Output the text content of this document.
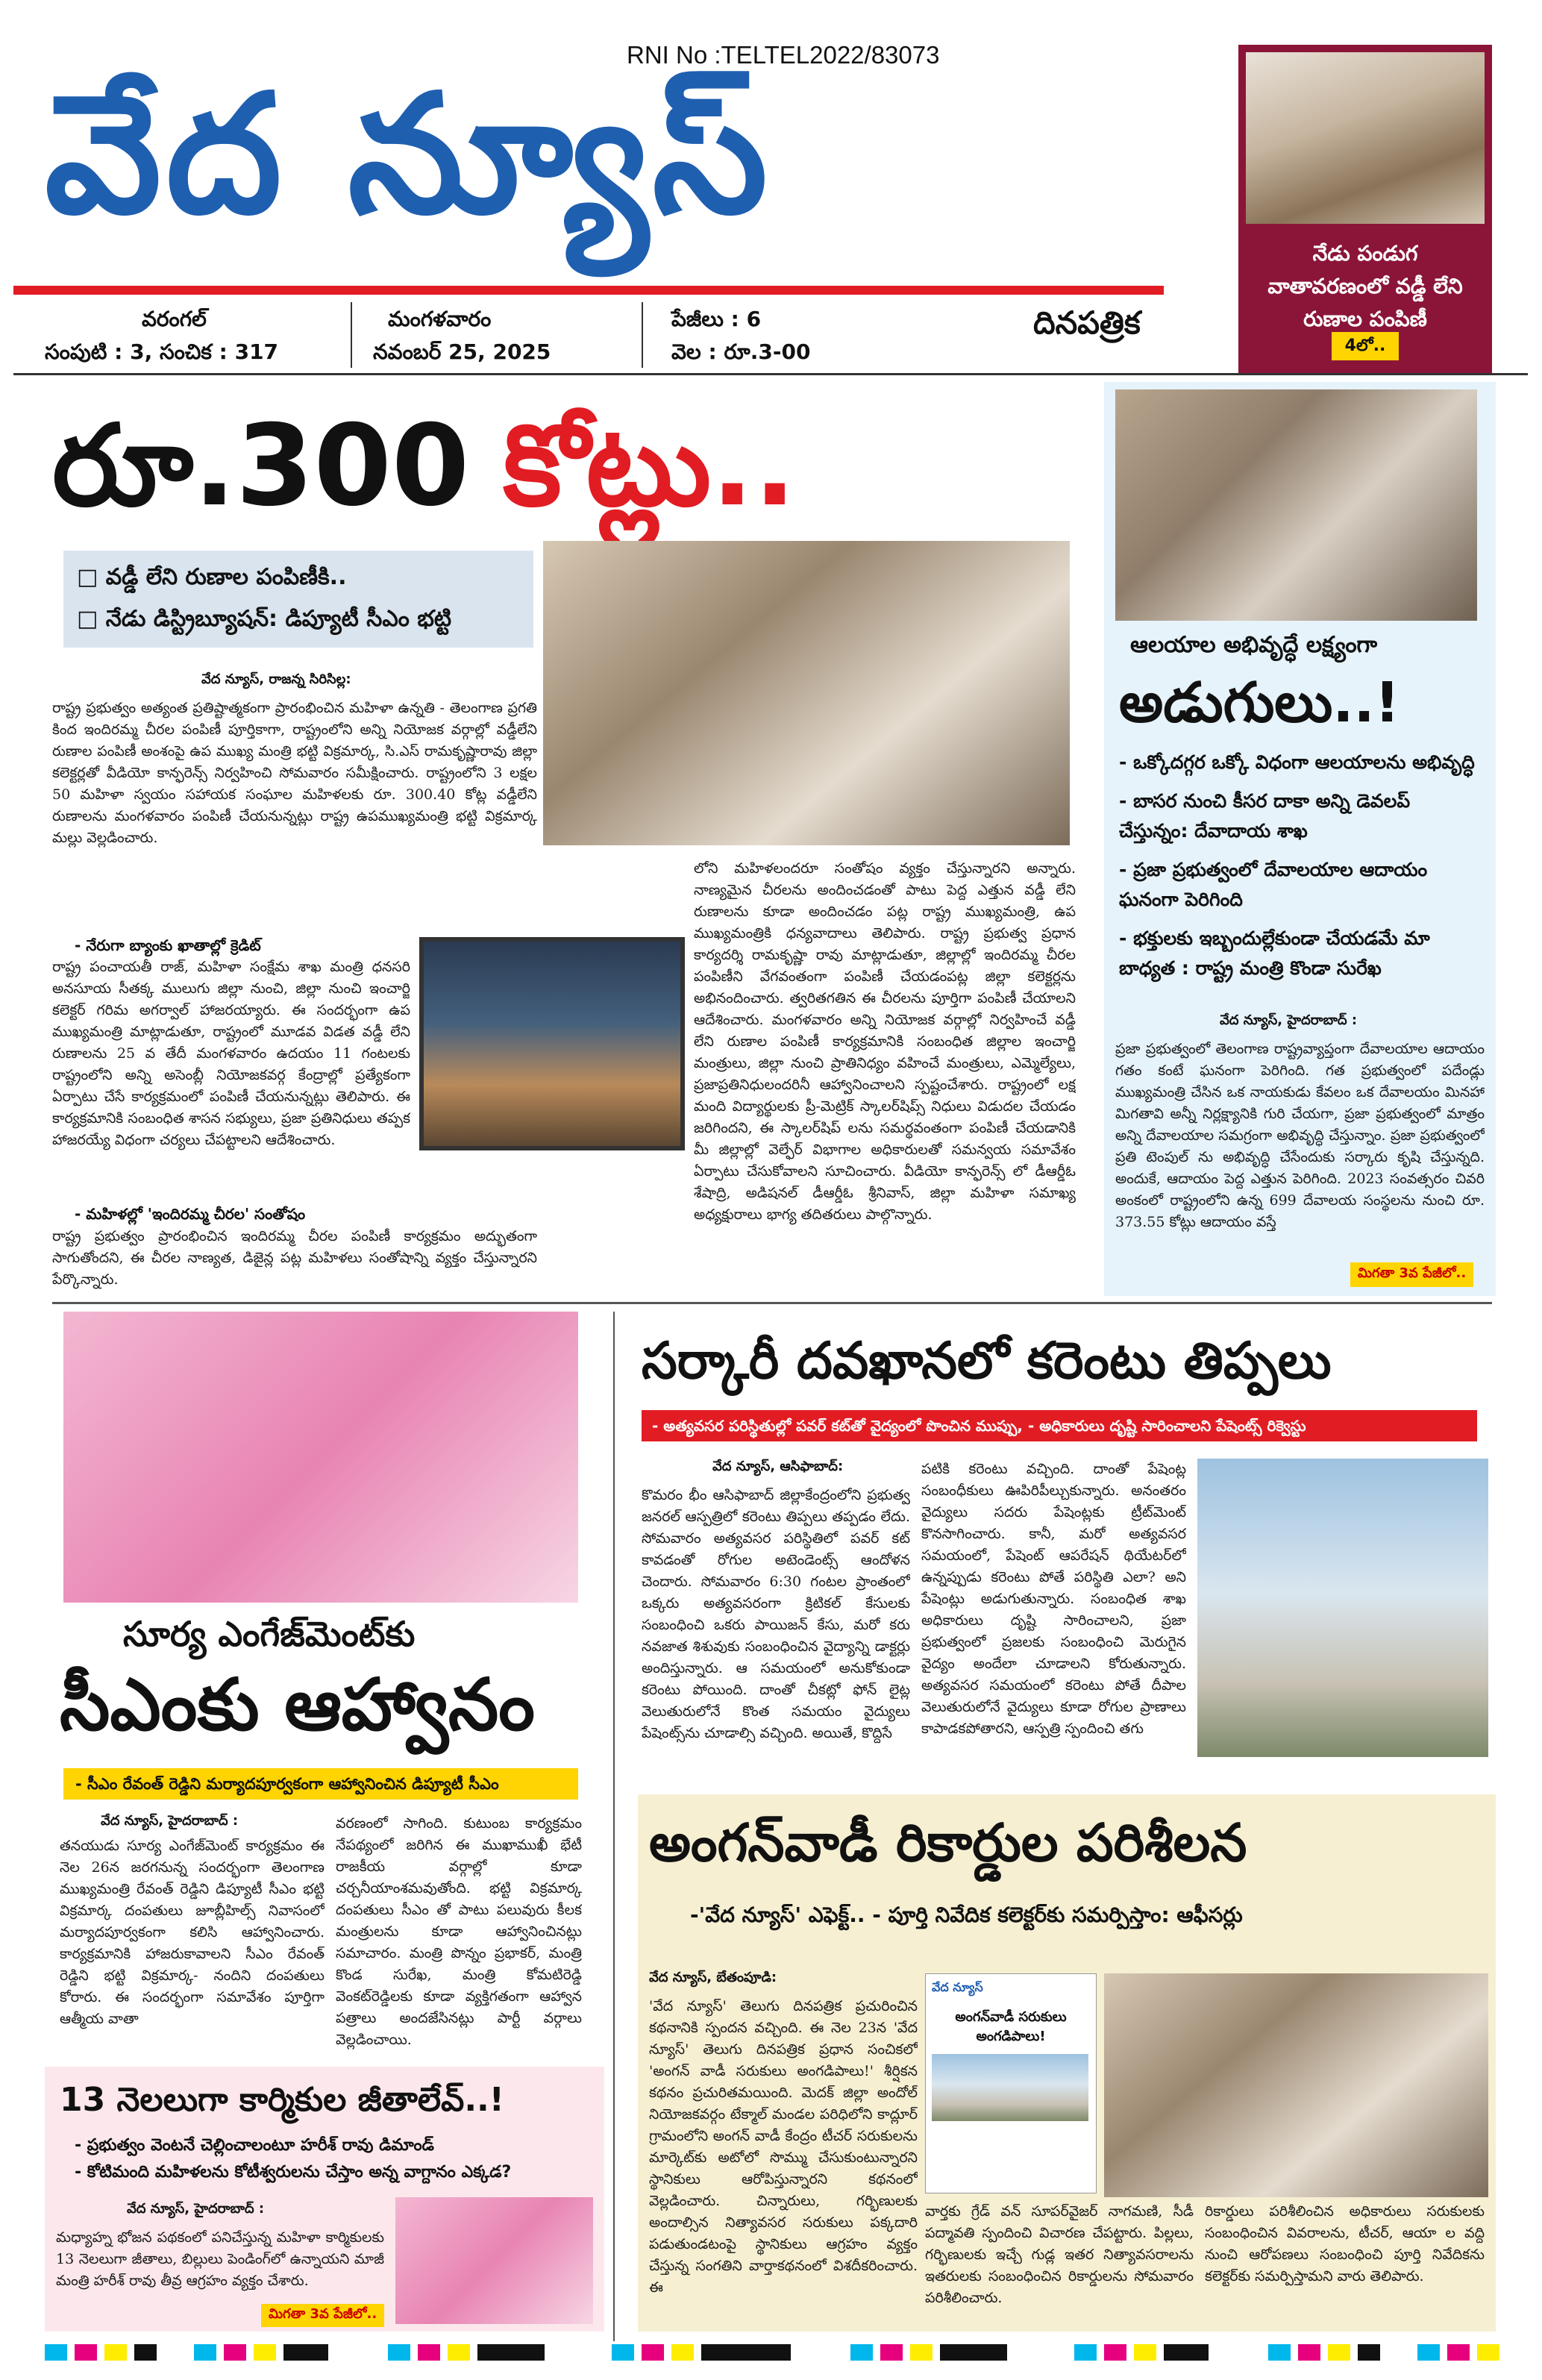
RNI No :TELTEL2022/83073
వేద న్యూస్
దినపత్రిక
వరంగల్
సంపుటి : 3, సంచిక : 317
మంగళవారం
నవంబర్ 25, 2025
పేజీలు : 6
వెల : రూ.3-00
నేడు పండుగ వాతావరణంలో వడ్డీ లేని రుణాల పంపిణీ
4లో..
రూ.300 కోట్లు..
□ వడ్డీ లేని రుణాల పంపిణీకి..
□ నేడు డిస్ట్రిబ్యూషన్: డిప్యూటీ సీఎం భట్టి
వేద న్యూస్, రాజన్న సిరిసిల్ల:
రాష్ట్ర ప్రభుత్వం అత్యంత ప్రతిష్టాత్మకంగా ప్రారంభించిన మహిళా ఉన్నతి - తెలంగాణ ప్రగతి కింద ఇందిరమ్మ చీరల పంపిణీ పూర్తికాగా, రాష్ట్రంలోని అన్ని నియోజక వర్గాల్లో వడ్డీలేని రుణాల పంపిణీ అంశంపై ఉప ముఖ్య మంత్రి భట్టి విక్రమార్క, సి.ఎస్ రామకృష్ణారావు జిల్లా కలెక్టర్లతో వీడియో కాన్ఫరెన్స్ నిర్వహించి సోమవారం సమీక్షించారు. రాష్ట్రంలోని 3 లక్షల 50 మహిళా స్వయం సహాయక సంఘాల మహిళలకు రూ. 300.40 కోట్ల వడ్డీలేని రుణాలను మంగళవారం పంపిణీ చేయనున్నట్లు రాష్ట్ర ఉపముఖ్యమంత్రి భట్టి విక్రమార్క మల్లు వెల్లడించారు.
- నేరుగా బ్యాంకు ఖాతాల్లో క్రెడిట్
రాష్ట్ర పంచాయతీ రాజ్, మహిళా సంక్షేమ శాఖ మంత్రి ధనసరి అనసూయ సీతక్క ములుగు జిల్లా నుంచి, జిల్లా నుంచి ఇంచార్జి కలెక్టర్ గరిమ అగర్వాల్ హాజరయ్యారు. ఈ సందర్భంగా ఉప ముఖ్యమంత్రి మాట్లాడుతూ, రాష్ట్రంలో మూడవ విడత వడ్డీ లేని రుణాలను 25 వ తేదీ మంగళవారం ఉదయం 11 గంటలకు రాష్ట్రంలోని అన్ని అసెంబ్లీ నియోజకవర్గ కేంద్రాల్లో ప్రత్యేకంగా ఏర్పాటు చేసే కార్యక్రమంలో పంపిణీ చేయనున్నట్లు తెలిపారు. ఈ కార్యక్రమానికి సంబంధిత శాసన సభ్యులు, ప్రజా ప్రతినిధులు తప్పక హాజరయ్యే విధంగా చర్యలు చేపట్టాలని ఆదేశించారు.
- మహిళల్లో 'ఇందిరమ్మ చీరల' సంతోషం
రాష్ట్ర ప్రభుత్వం ప్రారంభించిన ఇందిరమ్మ చీరల పంపిణీ కార్యక్రమం అద్భుతంగా సాగుతోందని, ఈ చీరల నాణ్యత, డిజైన్ల పట్ల మహిళలు సంతోషాన్ని వ్యక్తం చేస్తున్నారని పేర్కొన్నారు.
లోని మహిళలందరూ సంతోషం వ్యక్తం చేస్తున్నారని అన్నారు. నాణ్యమైన చీరలను అందించడంతో పాటు పెద్ద ఎత్తున వడ్డీ లేని రుణాలను కూడా అందించడం పట్ల రాష్ట్ర ముఖ్యమంత్రి, ఉప ముఖ్యమంత్రికి ధన్యవాదాలు తెలిపారు. రాష్ట్ర ప్రభుత్వ ప్రధాన కార్యదర్శి రామకృష్ణా రావు మాట్లాడుతూ, జిల్లాల్లో ఇందిరమ్మ చీరల పంపిణీని వేగవంతంగా పంపిణీ చేయడంపట్ల జిల్లా కలెక్టర్లను అభినందించారు. త్వరితగతిన ఈ చీరలను పూర్తిగా పంపిణీ చేయాలని ఆదేశించారు. మంగళవారం అన్ని నియోజక వర్గాల్లో నిర్వహించే వడ్డీ లేని రుణాల పంపిణీ కార్యక్రమానికి సంబంధిత జిల్లాల ఇంచార్జి మంత్రులు, జిల్లా నుంచి ప్రాతినిధ్యం వహించే మంత్రులు, ఎమ్మెల్యేలు, ప్రజాప్రతినిధులందరినీ ఆహ్వానించాలని స్పష్టంచేశారు. రాష్ట్రంలో లక్ష మంది విద్యార్థులకు ప్రీ-మెట్రిక్ స్కాలర్‌షిప్స్ నిధులు విడుదల చేయడం జరిగిందని, ఈ స్కాలర్‌షిప్ లను సమర్థవంతంగా పంపిణీ చేయడానికి మీ జిల్లాల్లో వెల్ఫేర్ విభాగాల అధికారులతో సమన్వయ సమావేశం ఏర్పాటు చేసుకోవాలని సూచించారు. వీడియో కాన్ఫరెన్స్ లో డీఆర్డీఓ శేషాద్రి, అడిషనల్ డీఆర్డీఓ శ్రీనివాస్, జిల్లా మహిళా సమాఖ్య అధ్యక్షురాలు భాగ్య తదితరులు పాల్గొన్నారు.
ఆలయాల అభివృద్ధే లక్ష్యంగా
అడుగులు..!
- ఒక్కోదగ్గర ఒక్కో విధంగా ఆలయాలను అభివృద్ధి
- బాసర నుంచి కీసర దాకా అన్ని డెవలప్ చేస్తున్నం: దేవాదాయ శాఖ
- ప్రజా ప్రభుత్వంలో దేవాలయాల ఆదాయం ఘనంగా పెరిగింది
- భక్తులకు ఇబ్బందుల్లేకుండా చేయడమే మా బాధ్యత : రాష్ట్ర మంత్రి కొండా సురేఖ
వేద న్యూస్, హైదరాబాద్ :
ప్రజా ప్రభుత్వంలో తెలంగాణ రాష్ట్రవ్యాప్తంగా దేవాలయాల ఆదాయం గతం కంటే ఘనంగా పెరిగింది. గత ప్రభుత్వంలో పదేండ్లు ముఖ్యమంత్రి చేసిన ఒక నాయకుడు కేవలం ఒక దేవాలయం మినహా మిగతావి అన్నీ నిర్లక్ష్యానికి గురి చేయగా, ప్రజా ప్రభుత్వంలో మాత్రం అన్ని దేవాలయాల సమగ్రంగా అభివృద్ధి చేస్తున్నాం. ప్రజా ప్రభుత్వంలో ప్రతి టెంపుల్ ను అభివృద్ధి చేసేందుకు సర్కారు కృషి చేస్తున్నది. అందుకే, ఆదాయం పెద్ద ఎత్తున పెరిగింది. 2023 సంవత్సరం చివరి అంకంలో రాష్ట్రంలోని ఉన్న 699 దేవాలయ సంస్థలను నుంచి రూ. 373.55 కోట్లు ఆదాయం వస్తే
మిగతా 3వ పేజీలో..
సూర్య ఎంగేజ్‌మెంట్‌కు
సీఎంకు ఆహ్వానం
- సీఎం రేవంత్ రెడ్డిని మర్యాదపూర్వకంగా ఆహ్వానించిన డిప్యూటీ సీఎం
వేద న్యూస్, హైదరాబాద్ :
తనయుడు సూర్య ఎంగేజ్‌మెంట్ కార్యక్రమం ఈ నెల 26న జరగనున్న సందర్భంగా తెలంగాణ ముఖ్యమంత్రి రేవంత్ రెడ్డిని డిప్యూటీ సీఎం భట్టి విక్రమార్క దంపతులు జూబ్లీహిల్స్ నివాసంలో మర్యాదపూర్వకంగా కలిసి ఆహ్వానించారు. కార్యక్రమానికి హాజరుకావాలని సీఎం రేవంత్ రెడ్డిని భట్టి విక్రమార్క- నందిని దంపతులు కోరారు. ఈ సందర్భంగా సమావేశం పూర్తిగా ఆత్మీయ వాతా
వరణంలో సాగింది. కుటుంబ కార్యక్రమం నేపథ్యంలో జరిగిన ఈ ముఖాముఖీ భేటీ రాజకీయ వర్గాల్లో కూడా చర్చనీయాంశమవుతోంది. భట్టి విక్రమార్క దంపతులు సీఎం తో పాటు పలువురు కీలక మంత్రులను కూడా ఆహ్వానించినట్లు సమాచారం. మంత్రి పొన్నం ప్రభాకర్, మంత్రి కొండ సురేఖ, మంత్రి కోమటిరెడ్డి వెంకట్‌రెడ్డిలకు కూడా వ్యక్తిగతంగా ఆహ్వాన పత్రాలు అందజేసినట్లు పార్టీ వర్గాలు వెల్లడించాయి.
సర్కారీ దవఖానలో కరెంటు తిప్పలు
- అత్యవసర పరిస్థితుల్లో పవర్ కట్‌తో వైద్యంలో పొంచిన ముప్పు, - అధికారులు దృష్టి సారించాలని పేషెంట్స్ రిక్వెస్టు
వేద న్యూస్, ఆసిఫాబాద్:
కొమరం భీం ఆసిఫాబాద్ జిల్లాకేంద్రంలోని ప్రభుత్వ జనరల్ ఆస్పత్రిలో కరెంటు తిప్పలు తప్పడం లేదు. సోమవారం అత్యవసర పరిస్థితిలో పవర్ కట్ కావడంతో రోగుల అటెండెంట్స్ ఆందోళన చెందారు. సోమవారం 6:30 గంటల ప్రాంతంలో ఒక్కరు అత్యవసరంగా క్రిటికల్ కేసులకు సంబంధించి ఒకరు పాయిజన్ కేసు, మరో కరు నవజాత శిశువుకు సంబంధించిన వైద్యాన్ని డాక్టర్లు అందిస్తున్నారు. ఆ సమయంలో అనుకోకుండా కరెంటు పోయింది. దాంతో చీకట్లో ఫోన్ లైట్ల వెలుతురులోనే కొంత సమయం వైద్యులు పేషెంట్స్‌ను చూడాల్సి వచ్చింది. అయితే, కొద్దిసే
పటికి కరెంటు వచ్చింది. దాంతో పేషెంట్ల సంబంధీకులు ఊపిరిపీల్చుకున్నారు. అనంతరం వైద్యులు సదరు పేషెంట్లకు ట్రీట్‌మెంట్ కొనసాగించారు. కానీ, మరో అత్యవసర సమయంలో, పేషెంట్ ఆపరేషన్ థియేటర్‌లో ఉన్నప్పుడు కరెంటు పోతే పరిస్థితి ఎలా? అని పేషెంట్లు అడుగుతున్నారు. సంబంధిత శాఖ అధికారులు దృష్టి సారించాలని, ప్రజా ప్రభుత్వంలో ప్రజలకు సంబంధించి మెరుగైన వైద్యం అందేలా చూడాలని కోరుతున్నారు. అత్యవసర సమయంలో కరెంటు పోతే దీపాల వెలుతురులోనే వైద్యులు కూడా రోగుల ప్రాణాలు కాపాడకపోతారని, ఆస్పత్రి స్పందించి తగు
అంగన్‌వాడీ రికార్డుల పరిశీలన
-'వేద న్యూస్' ఎఫెక్ట్.. - పూర్తి నివేదిక కలెక్టర్‌కు సమర్పిస్తాం: ఆఫీసర్లు
వేద న్యూస్, బేతంపూడి:
'వేద న్యూస్' తెలుగు దినపత్రిక ప్రచురించిన కథనానికి స్పందన వచ్చింది. ఈ నెల 23న 'వేద న్యూస్' తెలుగు దినపత్రిక ప్రధాన సంచికలో 'అంగన్ వాడీ సరుకులు అంగడిపాలు!' శీర్షికన కథనం ప్రచురితమయింది. మెదక్ జిల్లా అందోల్ నియోజకవర్గం టేక్మాల్ మండల పరిధిలోని కాద్లూర్ గ్రామంలోని అంగన్ వాడీ కేంద్రం టీచర్ సరుకులను మార్కెట్‌కు అటో‌లో సొమ్ము చేసుకుంటున్నారని స్థానికులు ఆరోపిస్తున్నారని కథనంలో వెల్లడించారు. చిన్నారులు, గర్భిణులకు అందాల్సిన నిత్యావసర సరుకులు పక్కదారి పడుతుండటంపై స్థానికులు ఆగ్రహం వ్యక్తం చేస్తున్న సంగతిని వార్తాకథనంలో విశదీకరించారు. ఈ
వేద న్యూస్
అంగన్‌వాడీ సరుకులు అంగడిపాలు!
వార్తకు గ్రేడ్ వన్ సూపర్‌వైజర్ నాగమణి, సీడీ పద్మావతి స్పందించి విచారణ చేపట్టారు. పిల్లలు, గర్భిణులకు ఇచ్చే గుడ్ల ఇతర నిత్యావసరాలను ఇతరులకు సంబంధించిన రికార్డులను సోమవారం పరిశీలించారు.
రికార్డులు పరిశీలించిన అధికారులు సరుకులకు సంబంధించిన వివరాలను, టీచర్, ఆయా ల వద్ది నుంచి ఆరోపణలు సంబంధించి పూర్తి నివేదికను కలెక్టర్‌కు సమర్పిస్తామని వారు తెలిపారు.
13 నెలలుగా కార్మికుల జీతాలేవ్..!
- ప్రభుత్వం వెంటనే చెల్లించాలంటూ హరీశ్ రావు డిమాండ్
- కోటిమంది మహిళలను కోటీశ్వరులను చేస్తాం అన్న వాగ్దానం ఎక్కడ?
వేద న్యూస్, హైదరాబాద్ :
మధ్యాహ్న భోజన పథకంలో పనిచేస్తున్న మహిళా కార్మికులకు 13 నెలలుగా జీతాలు, బిల్లులు పెండింగ్‌లో ఉన్నాయని మాజీ మంత్రి హరీశ్ రావు తీవ్ర ఆగ్రహం వ్యక్తం చేశారు.
మిగతా 3వ పేజీలో..
